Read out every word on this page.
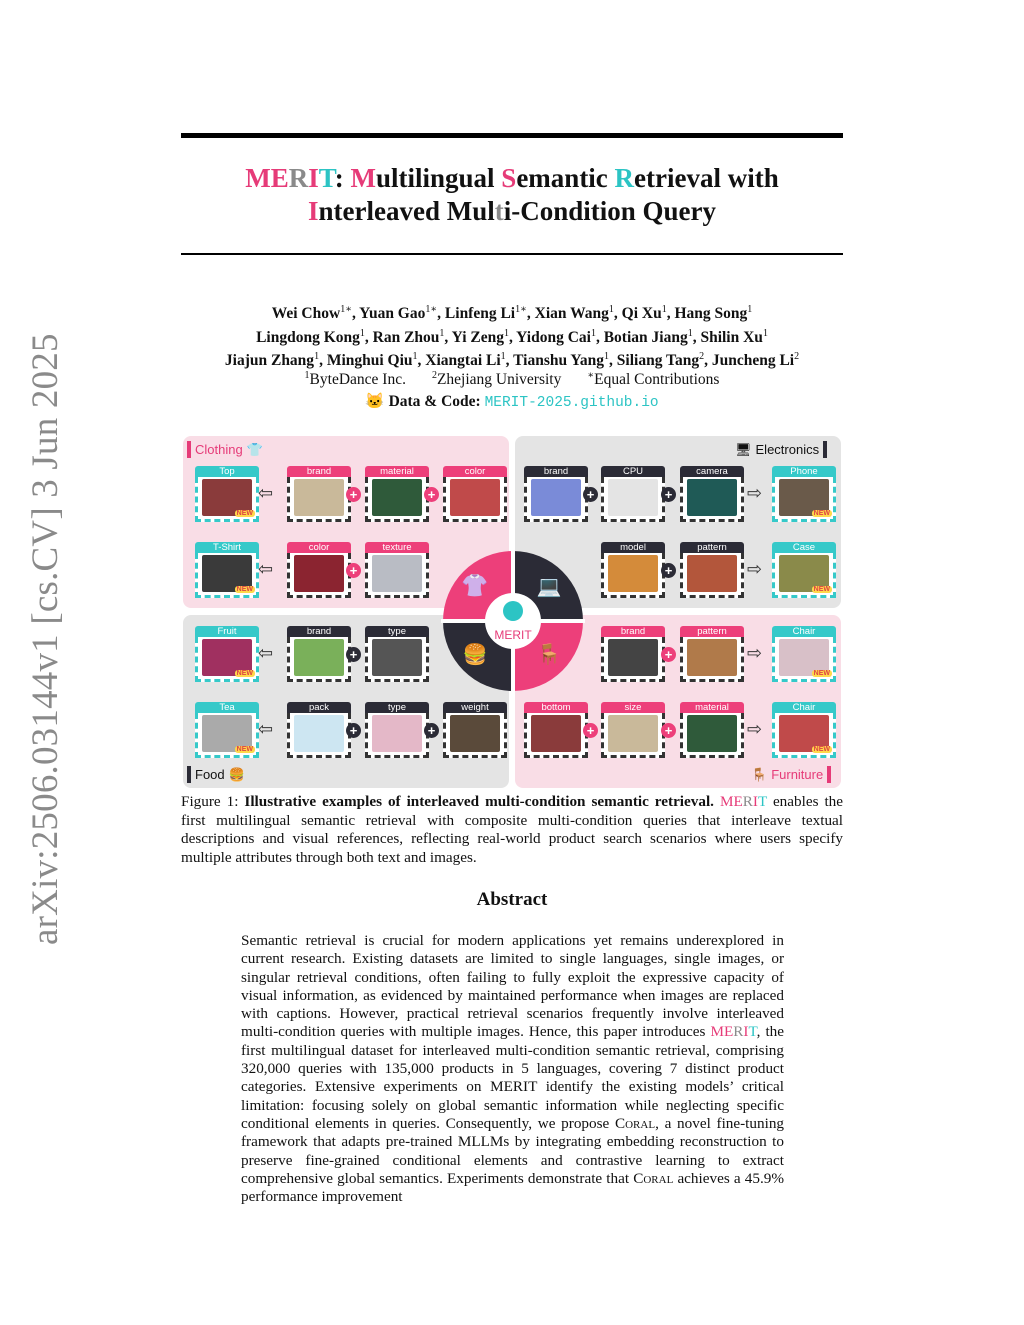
arXiv:2506.03144v1 [cs.CV] 3 Jun 2025
MERIT: Multilingual Semantic Retrieval with
Interleaved Multi-Condition Query
Wei Chow$^{1∗}$, Yuan Gao$^{1∗}$, Linfeng $Li^{1∗}$, Xian Wang$^1$, Qi Xu$^1$, Hang Song$^1$
Lingdong Kong$^1$, Ran Zhou$^1$, Yi Zeng$^1$, Yidong Cai$^1$, Botian Jiang$^1$, Shilin Xu$^1$
Jiajun Zhang$^1$, Minghui Qiu$^1$, Xiangtai Li$^1$, Tianshu Yang$^1$, Siliang Tang$^2$, Juncheng Li$^2$
$^1$ByteDance Inc.	$^2$Zhejiang University	∗Equal Contributions
🐱 Data & Code: MERIT-2025.github.io
Clothing 👕	🖥 Electronics
Food 🍔	🪑 Furniture
MERIT
👚 💻
🍔 🪑
Top
NEW
⇦
brand
+
material
+
color
T-Shirt
NEW
⇦
color
+
texture
brand
+
CPU
+
camera
⇨
Phone
NEW
model
+
pattern
⇨
Case
NEW
Fruit
NEW
⇦
brand
+
type
Tea
NEW
⇦
pack
+
type
+
weight
brand
+
pattern
⇨
Chair
NEW
bottom
+
size
+
material
⇨
Chair
NEW
Figure 1: Illustrative examples of interleaved multi-condition semantic retrieval. MERIT enables the first multilingual semantic retrieval with composite multi-condition queries that interleave textual descriptions and visual references, reflecting real-world product search scenarios where users specify multiple attributes through both text and images.
Abstract
Semantic retrieval is crucial for modern applications yet remains underexplored in current research. Existing datasets are limited to single languages, single images, or singular retrieval conditions, often failing to fully exploit the expressive capacity of visual information, as evidenced by maintained performance when images are replaced with captions. However, practical retrieval scenarios frequently involve interleaved multi-condition queries with multiple images. Hence, this paper introduces MERIT, the first multilingual dataset for interleaved multi-condition semantic retrieval, comprising 320,000 queries with 135,000 products in 5 languages, covering 7 distinct product categories. Extensive experiments on MERIT identify the existing models’ critical limitation: focusing solely on global semantic information while neglecting specific conditional elements in queries. Consequently, we propose Coral, a novel fine-tuning framework that adapts pre-trained MLLMs by integrating embedding reconstruction to preserve fine-grained conditional elements and contrastive learning to extract comprehensive global semantics. Experiments demonstrate that Coral achieves a 45.9% performance improvement
